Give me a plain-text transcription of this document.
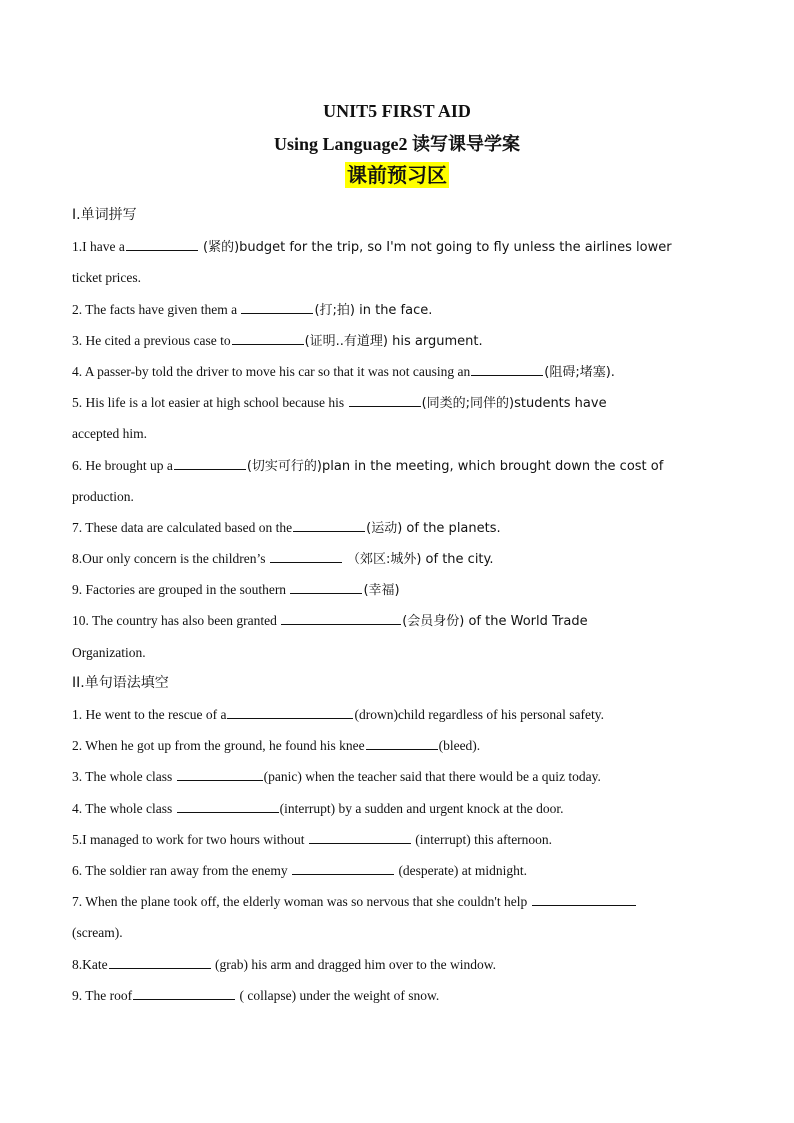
UNIT5 FIRST AID
Using Language2 读写课导学案
课前预习区
I.单词拼写
1.I have a	(紧的)budget for the trip, so I'm not going to fly unless the airlines lower
ticket prices.
2. The facts have given them a	(打;拍) in the face.
3. He cited a previous case to	(证明..有道理) his argument.
4. A passer-by told the driver to move his car so that it was not causing an	(阻碍;堵塞).
5. His life is a lot easier at high school because his	(同类的;同伴的)students have
accepted him.
6. He brought up a	(切实可行的)plan in the meeting, which brought down the cost of
production.
7. These data are calculated based on the	(运动) of the planets.
8.Our only concern is the children’s	（郊区:城外) of the city.
9. Factories are grouped in the southern	(幸福)
10. The country has also been granted	(会员身份) of the World Trade
Organization.
II.单句语法填空
1. He went to the rescue of a	(drown)child regardless of his personal safety.
2. When he got up from the ground, he found his knee	(bleed).
3. The whole class	(panic) when the teacher said that there would be a quiz today.
4. The whole class	(interrupt) by a sudden and urgent knock at the door.
5.I managed to work for two hours without	(interrupt) this afternoon.
6. The soldier ran away from the enemy	(desperate) at midnight.
7. When the plane took off, the elderly woman was so nervous that she couldn't help
(scream).
8.Kate	(grab) his arm and dragged him over to the window.
9. The roof	( collapse) under the weight of snow.
